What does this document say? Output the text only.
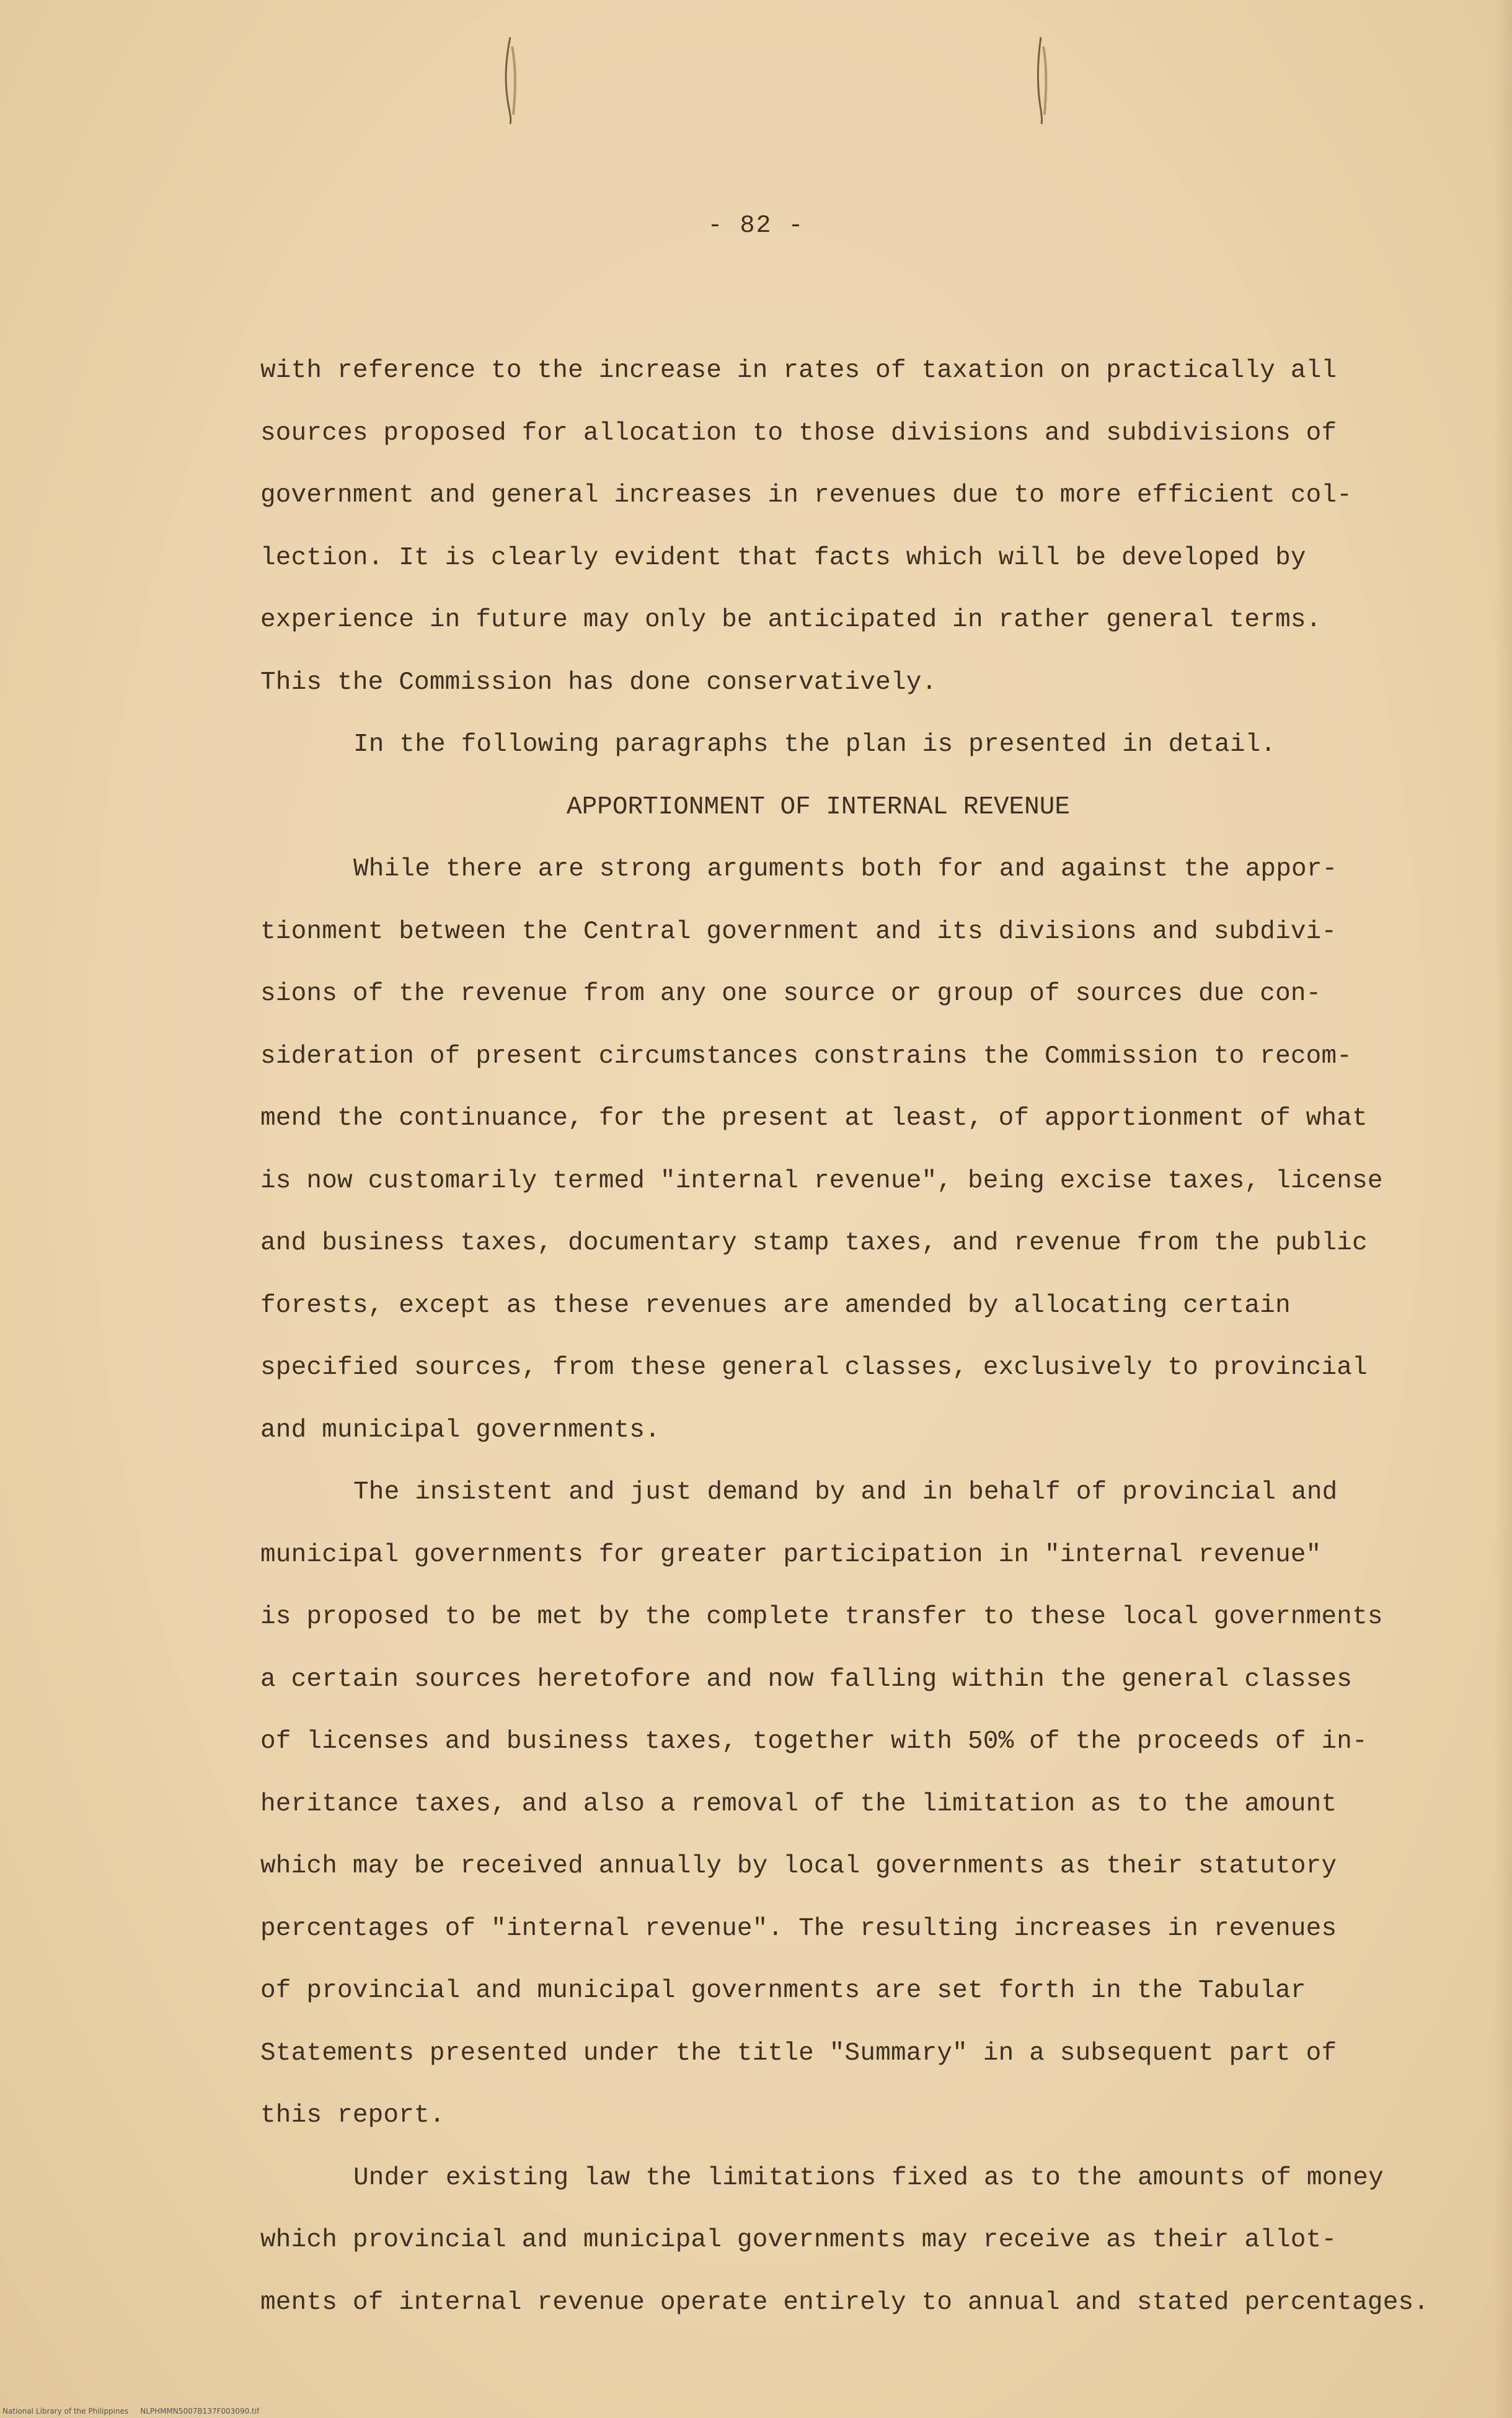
- 82 -
with reference to the increase in rates of taxation on practically all
sources proposed for allocation to those divisions and subdivisions of
government and general increases in revenues due to more efficient col-
lection. It is clearly evident that facts which will be developed by
experience in future may only be anticipated in rather general terms.
This the Commission has done conservatively.
In the following paragraphs the plan is presented in detail.
APPORTIONMENT OF INTERNAL REVENUE
While there are strong arguments both for and against the appor-
tionment between the Central government and its divisions and subdivi-
sions of the revenue from any one source or group of sources due con-
sideration of present circumstances constrains the Commission to recom-
mend the continuance, for the present at least, of apportionment of what
is now customarily termed "internal revenue", being excise taxes, license
and business taxes, documentary stamp taxes, and revenue from the public
forests, except as these revenues are amended by allocating certain
specified sources, from these general classes, exclusively to provincial
and municipal governments.
The insistent and just demand by and in behalf of provincial and
municipal governments for greater participation in "internal revenue"
is proposed to be met by the complete transfer to these local governments
a certain sources heretofore and now falling within the general classes
of licenses and business taxes, together with 50% of the proceeds of in-
heritance taxes, and also a removal of the limitation as to the amount
which may be received annually by local governments as their statutory
percentages of "internal revenue". The resulting increases in revenues
of provincial and municipal governments are set forth in the Tabular
Statements presented under the title "Summary" in a subsequent part of
this report.
Under existing law the limitations fixed as to the amounts of money
which provincial and municipal governments may receive as their allot-
ments of internal revenue operate entirely to annual and stated percentages.
National Library of the Philippines     NLPHMMN5007B137F003090.tif
